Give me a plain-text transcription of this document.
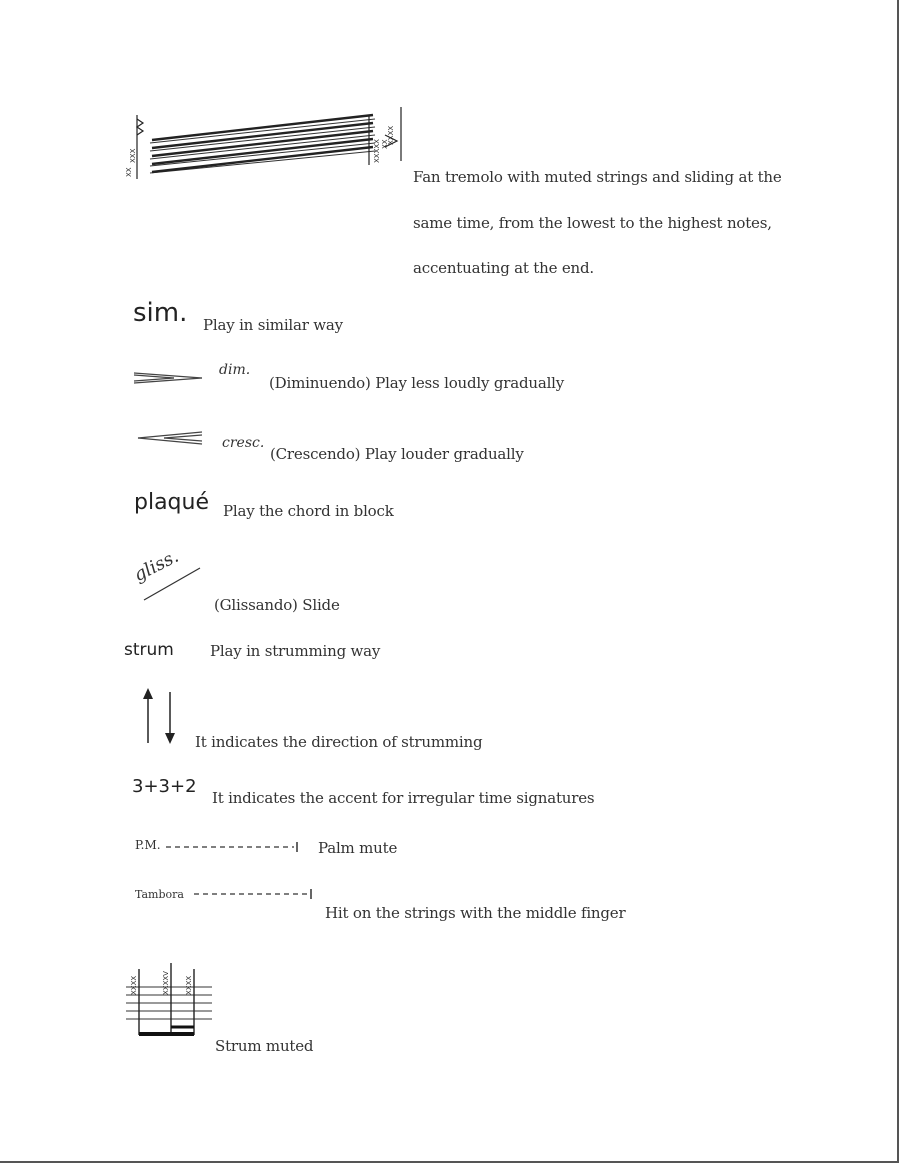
XX
XXX	XXXXX XX
XXXX
Fan tremolo with muted strings and sliding at the
same time, from the lowest to the highest notes,
accentuating at the end.
sim. Play in similar way
dim.
(Diminuendo) Play less loudly gradually
cresc.
(Crescendo) Play louder gradually
plaqué Play the chord in block
gliss.
(Glissando) Slide
strum Play in strumming way
It indicates the direction of strumming
3+3+2
It indicates the accent for irregular time signatures
P.M.	Palm mute
Tambora
Hit on the strings with the middle finger
XXXX	XXXXV XXXX
Strum muted
